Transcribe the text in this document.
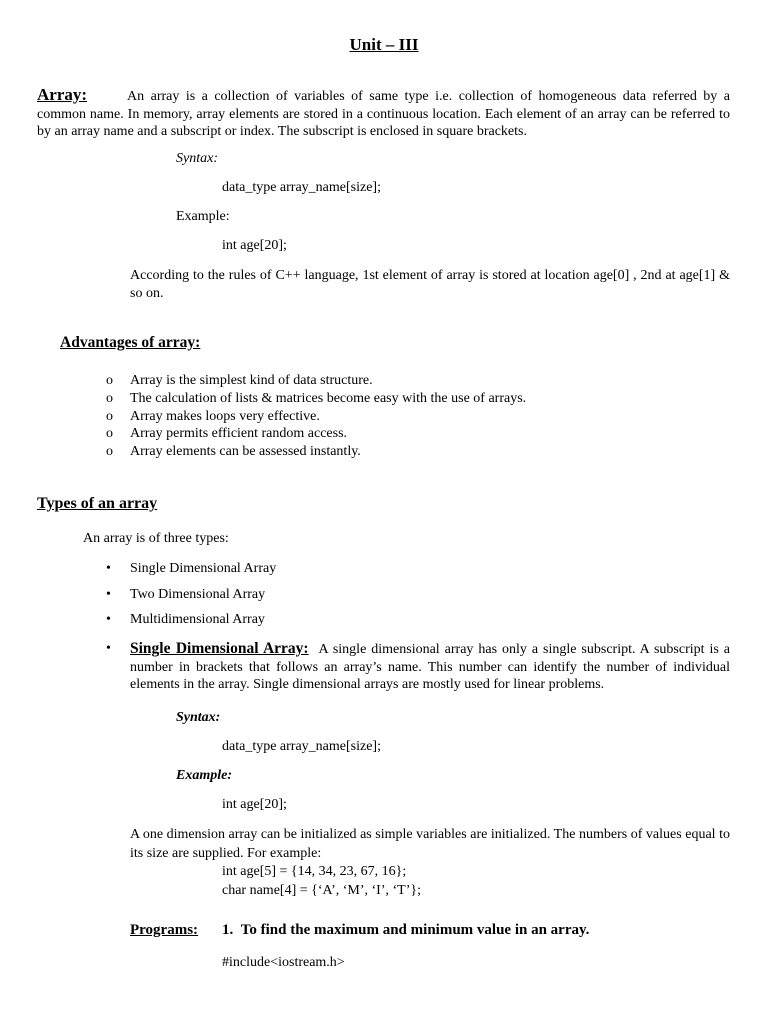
Unit – III
Array:	An array is a collection of variables of same type i.e. collection of homogeneous data referred by a common name. In memory, array elements are stored in a continuous location. Each element of an array can be referred to by an array name and a subscript or index. The subscript is enclosed in square brackets.
Syntax:
data_type array_name[size];
Example:
int age[20];
According to the rules of C++ language, 1st element of array is stored at location age[0] , 2nd at age[1] & so on.
Advantages of array:
o Array is the simplest kind of data structure.
o The calculation of lists & matrices become easy with the use of arrays.
o Array makes loops very effective.
o Array permits efficient random access.
o Array elements can be assessed instantly.
Types of an array
An array is of three types:
• Single Dimensional Array
• Two Dimensional Array
• Multidimensional Array
• Single Dimensional Array: A single dimensional array has only a single subscript. A subscript is a number in brackets that follows an array’s name. This number can identify the number of individual elements in the array. Single dimensional arrays are mostly used for linear problems.
Syntax:
data_type array_name[size];
Example:
int age[20];
A one dimension array can be initialized as simple variables are initialized. The numbers of values equal to its size are supplied. For example:
int age[5] = {14, 34, 23, 67, 16};
char name[4] = {‘A’, ‘M’, ‘I’, ‘T’};
Programs: 1. To find the maximum and minimum value in an array.
#include<iostream.h>
